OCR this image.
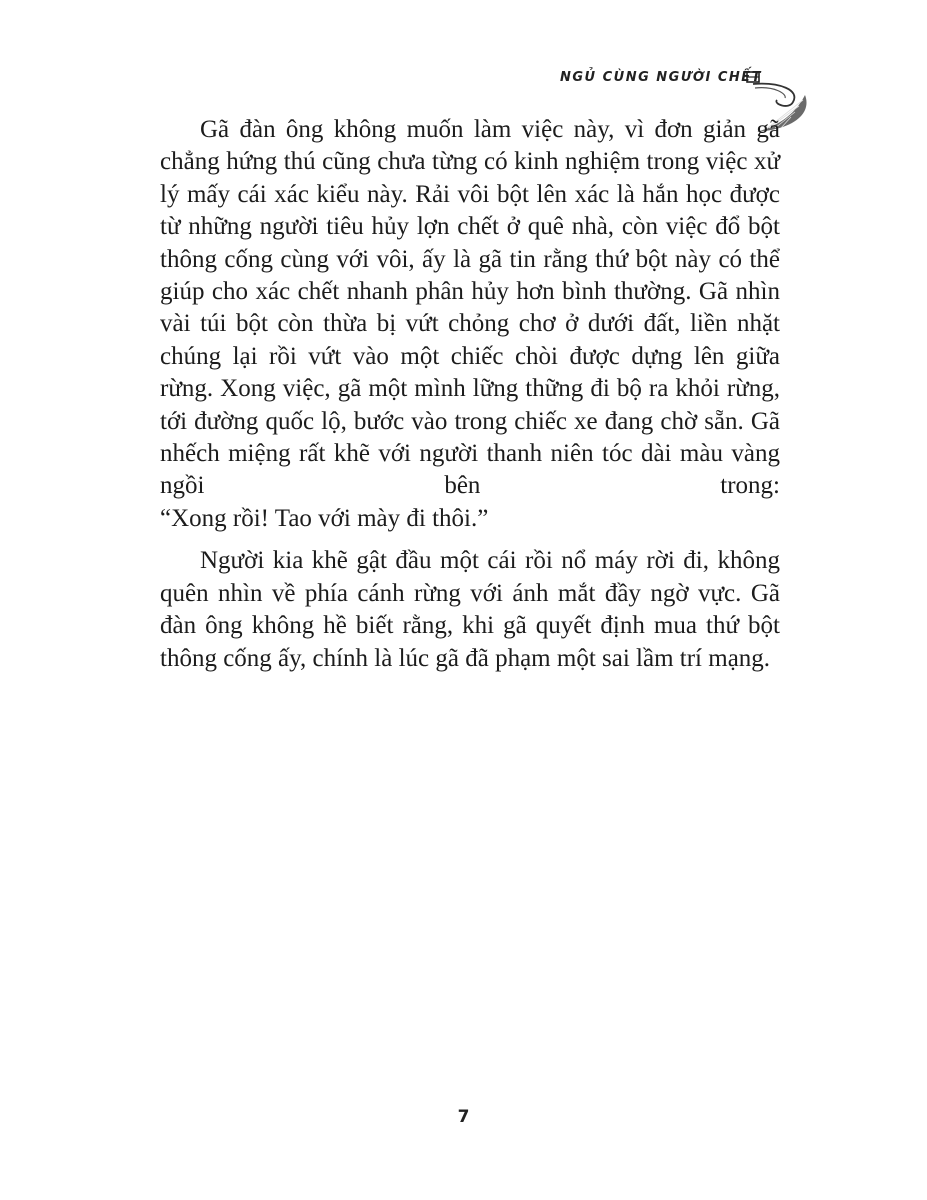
NGỦ CÙNG NGƯỜI CHẾT

Gã đàn ông không muốn làm việc này, vì đơn giản gã chẳng hứng thú cũng chưa từng có kinh nghiệm trong việc xử lý mấy cái xác kiểu này. Rải vôi bột lên xác là hắn học được từ những người tiêu hủy lợn chết ở quê nhà, còn việc đổ bột thông cống cùng với vôi, ấy là gã tin rằng thứ bột này có thể giúp cho xác chết nhanh phân hủy hơn bình thường. Gã nhìn vài túi bột còn thừa bị vứt chỏng chơ ở dưới đất, liền nhặt chúng lại rồi vứt vào một chiếc chòi được dựng lên giữa rừng. Xong việc, gã một mình lững thững đi bộ ra khỏi rừng, tới đường quốc lộ, bước vào trong chiếc xe đang chờ sẵn. Gã nhếch miệng rất khẽ với người thanh niên tóc dài màu vàng ngồi bên trong:
“Xong rồi! Tao với mày đi thôi.”

Người kia khẽ gật đầu một cái rồi nổ máy rời đi, không quên nhìn về phía cánh rừng với ánh mắt đầy ngờ vực. Gã đàn ông không hề biết rằng, khi gã quyết định mua thứ bột thông cống ấy, chính là lúc gã đã phạm một sai lầm trí mạng.

7
